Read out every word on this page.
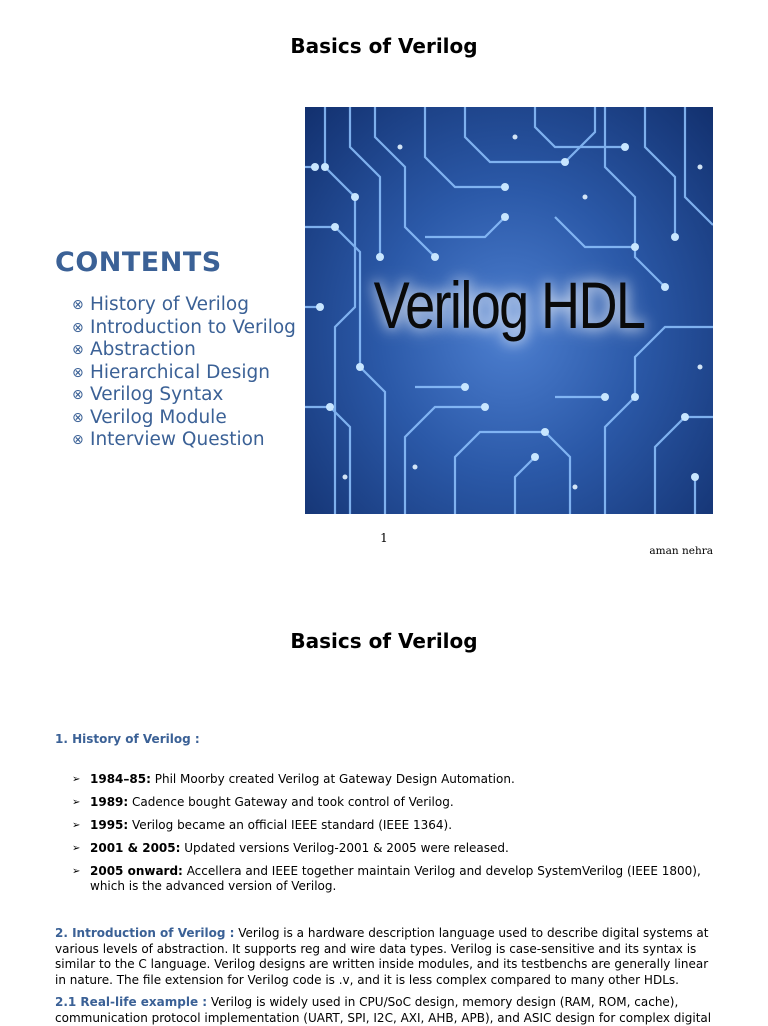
Basics of Verilog
CONTENTS
⊗ History of Verilog
⊗ Introduction to Verilog
⊗ Abstraction
⊗ Hierarchical Design
⊗ Verilog Syntax
⊗ Verilog Module
⊗ Interview Question
Verilog HDL
1
aman nehra
Basics of Verilog
1. History of Verilog :
➢ 1984–85: Phil Moorby created Verilog at Gateway Design Automation.
➢ 1989: Cadence bought Gateway and took control of Verilog.
➢ 1995: Verilog became an official IEEE standard (IEEE 1364).
➢ 2001 & 2005: Updated versions Verilog-2001 & 2005 were released.
➢ 2005 onward: Accellera and IEEE together maintain Verilog and develop SystemVerilog (IEEE 1800), which is the advanced version of Verilog.

2. Introduction of Verilog : Verilog is a hardware description language used to describe digital systems at various levels of abstraction. It supports reg and wire data types. Verilog is case-sensitive and its syntax is similar to the C language. Verilog designs are written inside modules, and its testbenchs are generally linear in nature. The file extension for Verilog code is .v, and it is less complex compared to many other HDLs.

2.1 Real-life example : Verilog is widely used in CPU/SoC design, memory design (RAM, ROM, cache), communication protocol implementation (UART, SPI, I2C, AXI, AHB, APB), and ASIC design for complex digital
